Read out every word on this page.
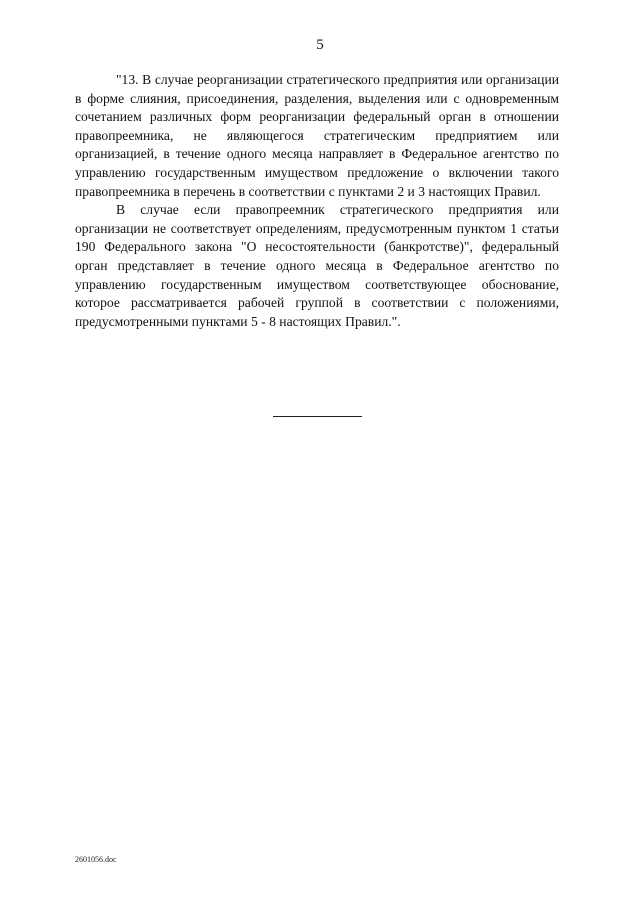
5

"13. В случае реорганизации стратегического предприятия или организации в форме слияния, присоединения, разделения, выделения или с одновременным сочетанием различных форм реорганизации федеральный орган в отношении правопреемника, не являющегося стратегическим предприятием или организацией, в течение одного месяца направляет в Федеральное агентство по управлению государственным имуществом предложение о включении такого правопреемника в перечень в соответствии с пунктами 2 и 3 настоящих Правил.

В случае если правопреемник стратегического предприятия или организации не соответствует определениям, предусмотренным пунктом 1 статьи 190 Федерального закона "О несостоятельности (банкротстве)", федеральный орган представляет в течение одного месяца в Федеральное агентство по управлению государственным имуществом соответствующее обоснование, которое рассматривается рабочей группой в соответствии с положениями, предусмотренными пунктами 5 - 8 настоящих Правил.".

2601056.doc
